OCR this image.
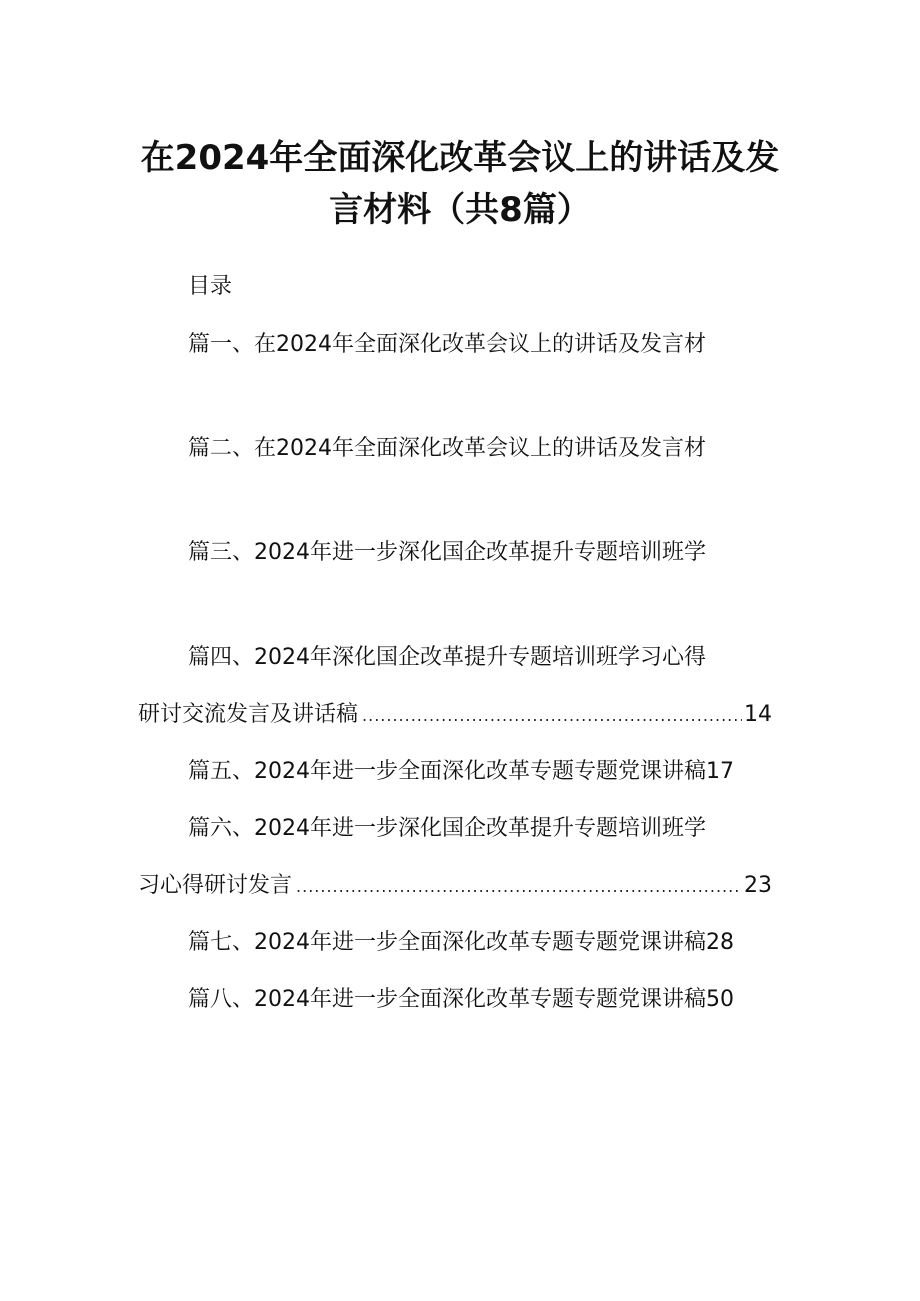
在2024年全面深化改革会议上的讲话及发
言材料（共8篇）
目录
篇一、在2024年全面深化改革会议上的讲话及发言材
篇二、在2024年全面深化改革会议上的讲话及发言材
篇三、2024年进一步深化国企改革提升专题培训班学
篇四、2024年深化国企改革提升专题培训班学习心得
研讨交流发言及讲话稿 .....	14
篇五、2024年进一步全面深化改革专题专题党课讲稿17
篇六、2024年进一步深化国企改革提升专题培训班学
习心得研讨发言 .....	23
篇七、2024年进一步全面深化改革专题专题党课讲稿28
篇八、2024年进一步全面深化改革专题专题党课讲稿50
